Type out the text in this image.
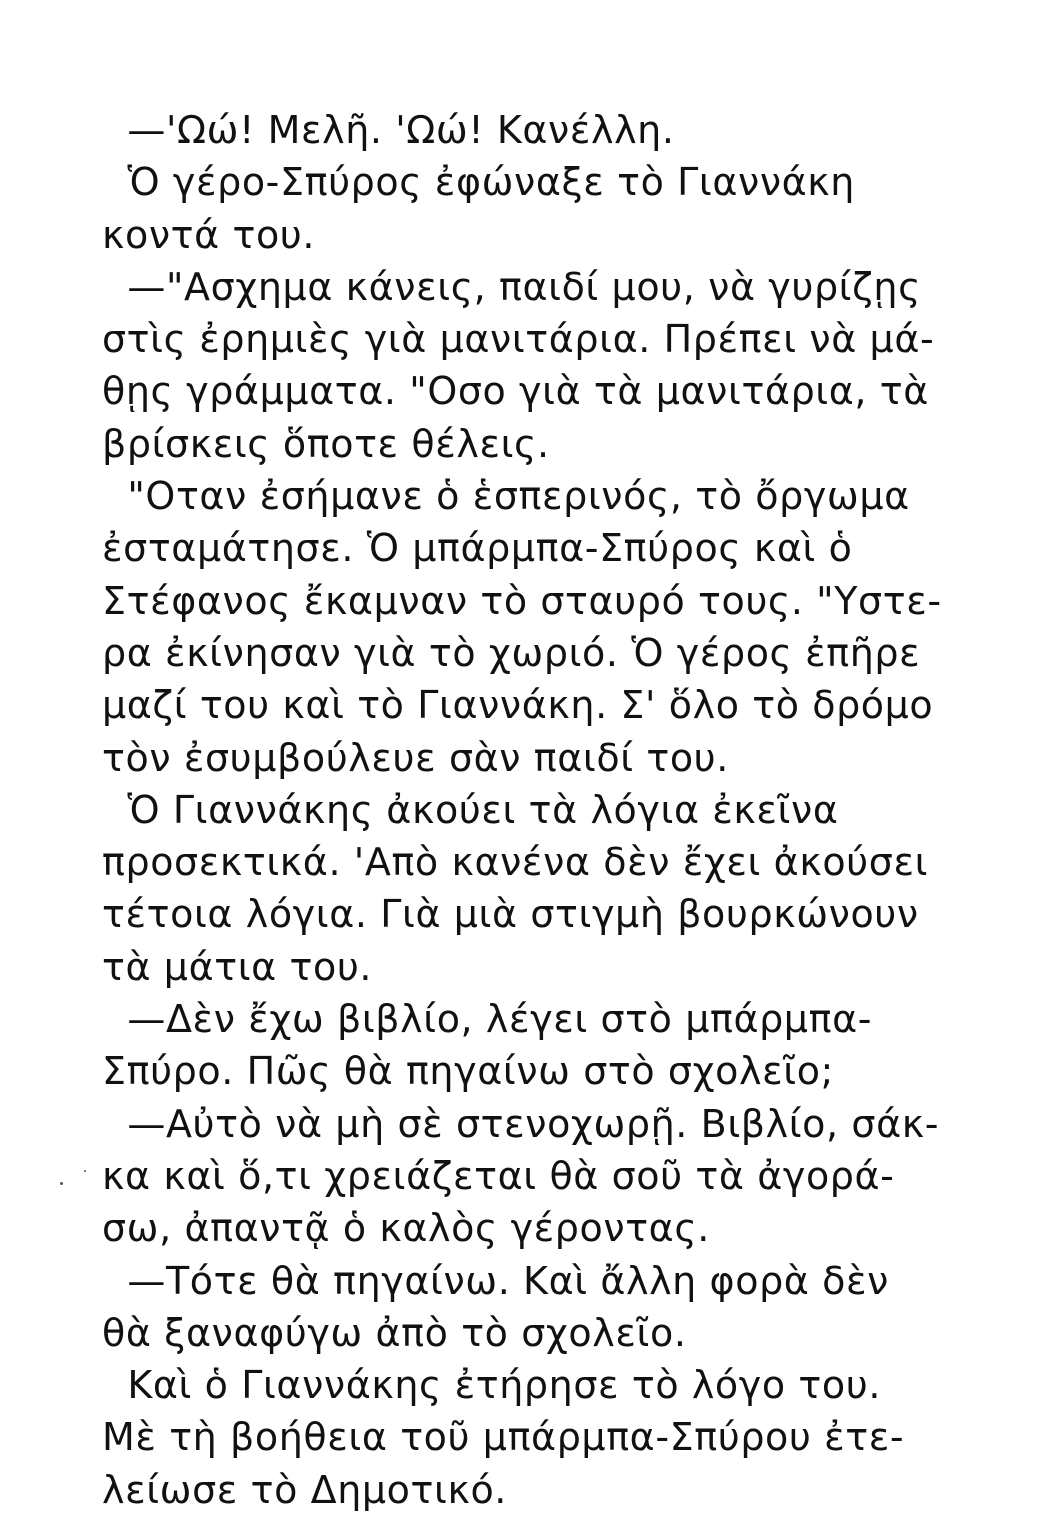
—'Ωώ! Μελῆ. 'Ωώ! Κανέλλη.
Ὁ γέρο-Σπύρος ἐφώναξε τὸ Γιαννάκη
κοντά του.
—"Ασχημα κάνεις, παιδί μου, νὰ γυρίζῃς
στὶς ἐρημιὲς γιὰ μανιτάρια. Πρέπει νὰ μά-
θῃς γράμματα. "Οσο γιὰ τὰ μανιτάρια, τὰ
βρίσκεις ὅποτε θέλεις.
"Οταν ἐσήμανε ὁ ἑσπερινός, τὸ ὄργωμα
ἐσταμάτησε. Ὁ μπάρμπα-Σπύρος καὶ ὁ
Στέφανος ἔκαμναν τὸ σταυρό τους. "Υστε-
ρα ἐκίνησαν γιὰ τὸ χωριό. Ὁ γέρος ἐπῆρε
μαζί του καὶ τὸ Γιαννάκη. Σ' ὅλο τὸ δρόμο
τὸν ἐσυμβούλευε σὰν παιδί του.
Ὁ Γιαννάκης ἀκούει τὰ λόγια ἐκεῖνα
προσεκτικά. 'Απὸ κανένα δὲν ἔχει ἀκούσει
τέτοια λόγια. Γιὰ μιὰ στιγμὴ βουρκώνουν
τὰ μάτια του.
—Δὲν ἔχω βιβλίο, λέγει στὸ μπάρμπα-
Σπύρο. Πῶς θὰ πηγαίνω στὸ σχολεῖο;
—Αὐτὸ νὰ μὴ σὲ στενοχωρῇ. Βιβλίο, σάκ-
κα καὶ ὅ,τι χρειάζεται θὰ σοῦ τὰ ἀγορά-
σω, ἀπαντᾷ ὁ καλὸς γέροντας.
—Τότε θὰ πηγαίνω. Καὶ ἄλλη φορὰ δὲν
θὰ ξαναφύγω ἀπὸ τὸ σχολεῖο.
Καὶ ὁ Γιαννάκης ἐτήρησε τὸ λόγο του.
Μὲ τὴ βοήθεια τοῦ μπάρμπα-Σπύρου ἐτε-
λείωσε τὸ Δημοτικό.
